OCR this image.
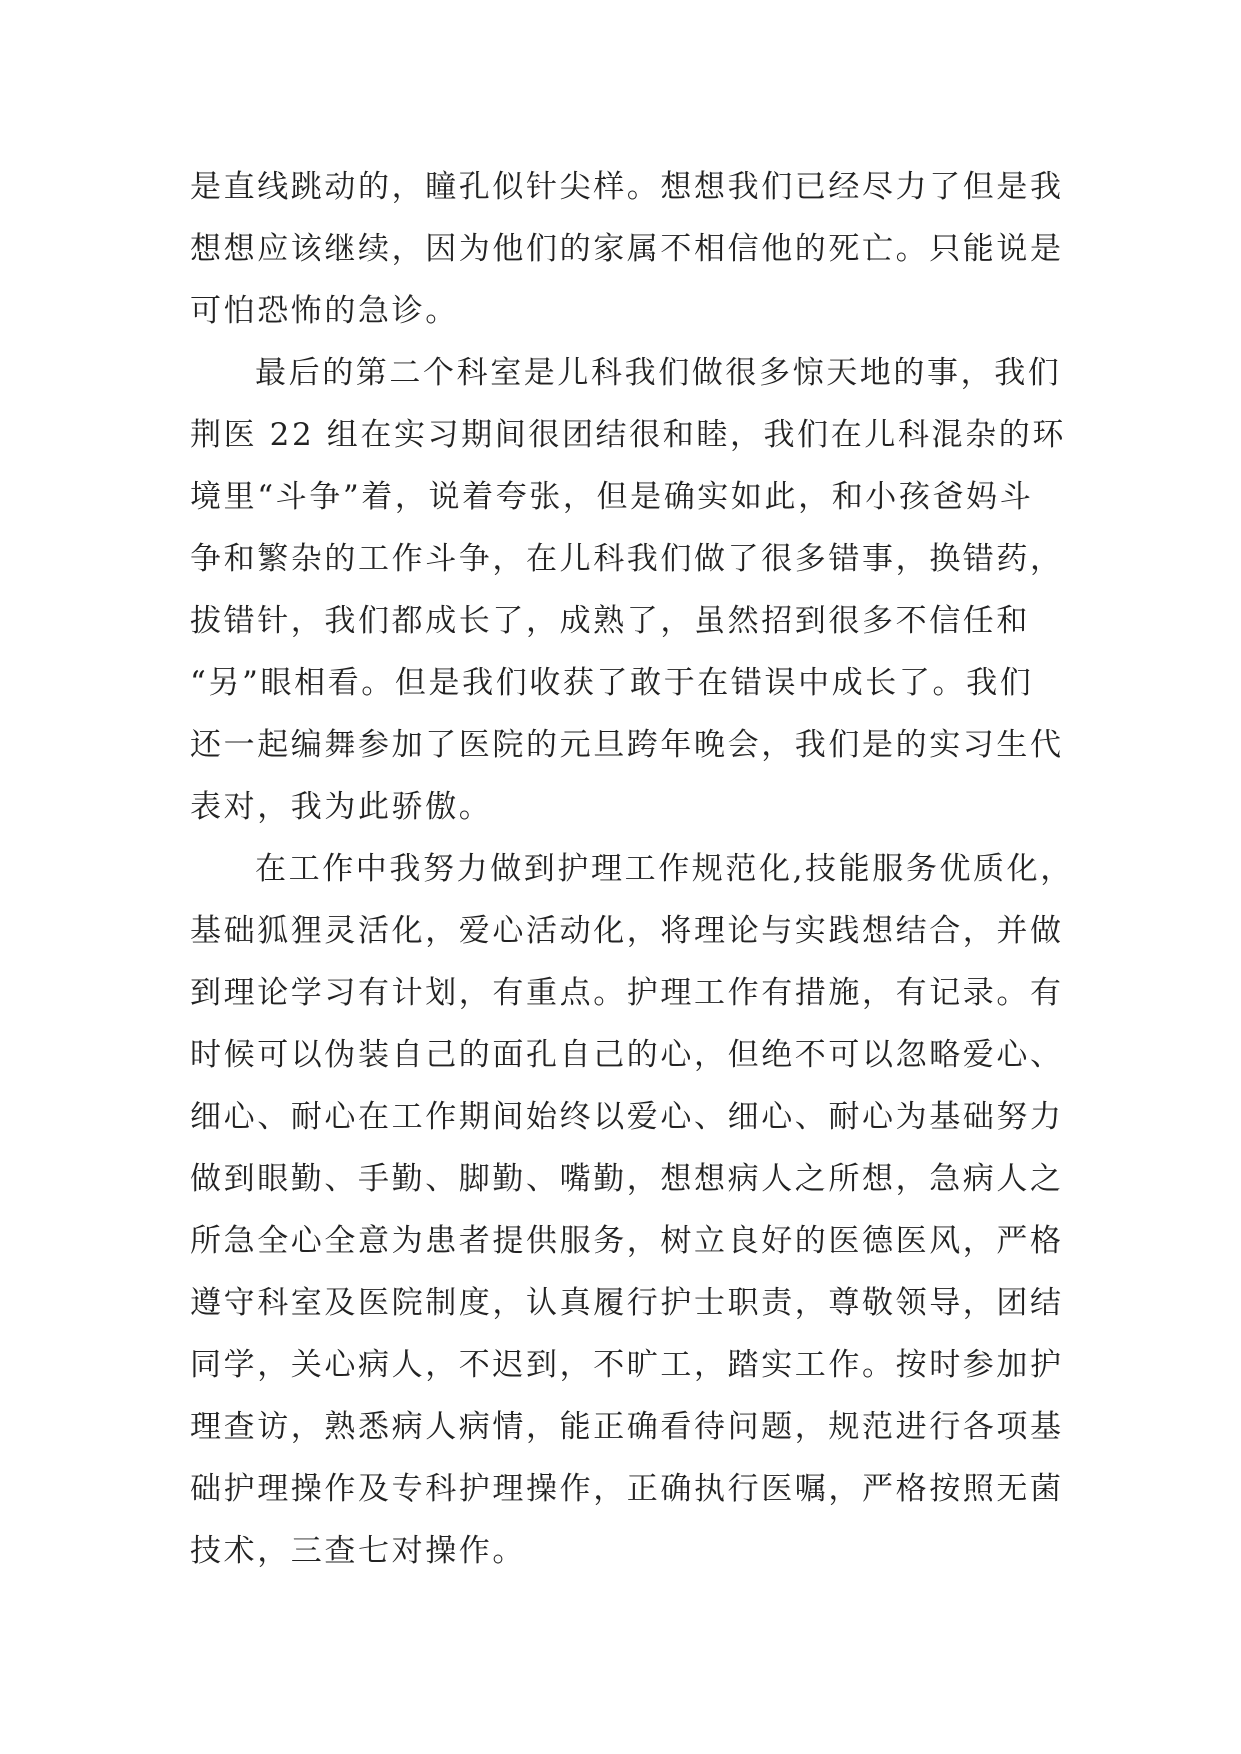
是直线跳动的，瞳孔似针尖样。想想我们已经尽力了但是我
想想应该继续，因为他们的家属不相信他的死亡。只能说是
可怕恐怖的急诊。
最后的第二个科室是儿科我们做很多惊天地的事，我们
荆医 22 组在实习期间很团结很和睦，我们在儿科混杂的环
境里“斗争”着，说着夸张，但是确实如此，和小孩爸妈斗
争和繁杂的工作斗争，在儿科我们做了很多错事，换错药，
拔错针，我们都成长了，成熟了，虽然招到很多不信任和
“另”眼相看。但是我们收获了敢于在错误中成长了。我们
还一起编舞参加了医院的元旦跨年晚会，我们是的实习生代
表对，我为此骄傲。
在工作中我努力做到护理工作规范化,技能服务优质化，
基础狐狸灵活化，爱心活动化，将理论与实践想结合，并做
到理论学习有计划，有重点。护理工作有措施，有记录。有
时候可以伪装自己的面孔自己的心，但绝不可以忽略爱心、
细心、耐心在工作期间始终以爱心、细心、耐心为基础努力
做到眼勤、手勤、脚勤、嘴勤，想想病人之所想，急病人之
所急全心全意为患者提供服务，树立良好的医德医风，严格
遵守科室及医院制度，认真履行护士职责，尊敬领导，团结
同学，关心病人，不迟到，不旷工，踏实工作。按时参加护
理查访，熟悉病人病情，能正确看待问题，规范进行各项基
础护理操作及专科护理操作，正确执行医嘱，严格按照无菌
技术，三查七对操作。
